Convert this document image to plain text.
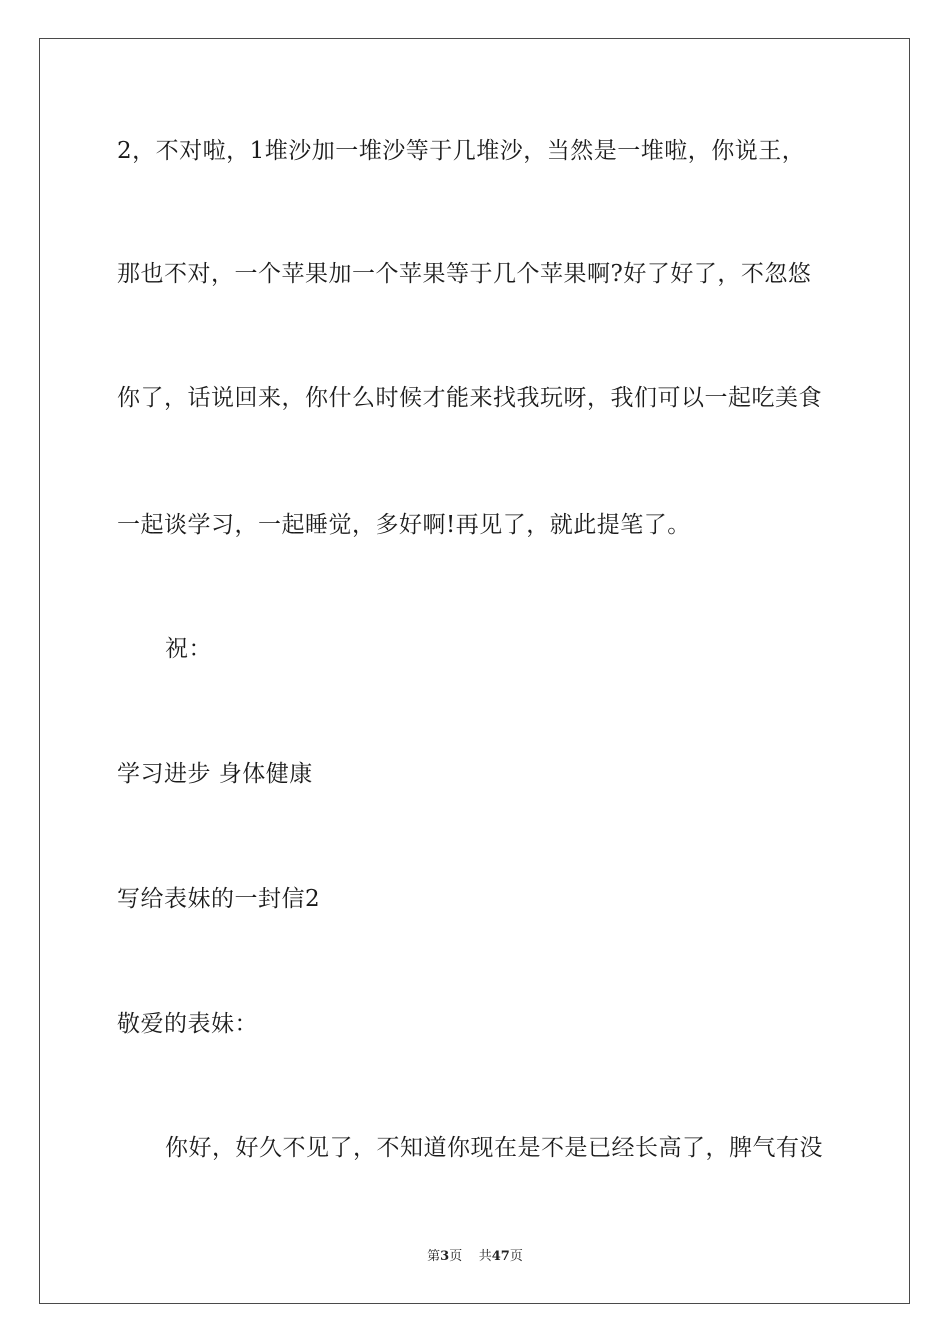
2，不对啦，1堆沙加一堆沙等于几堆沙，当然是一堆啦，你说王，
那也不对，一个苹果加一个苹果等于几个苹果啊?好了好了，不忽悠
你了，话说回来，你什么时候才能来找我玩呀，我们可以一起吃美食
一起谈学习，一起睡觉，多好啊!再见了，就此提笔了。
祝：
学习进步 身体健康
写给表妹的一封信2
敬爱的表妹：
你好，好久不见了，不知道你现在是不是已经长高了，脾气有没
第3页 共47页
